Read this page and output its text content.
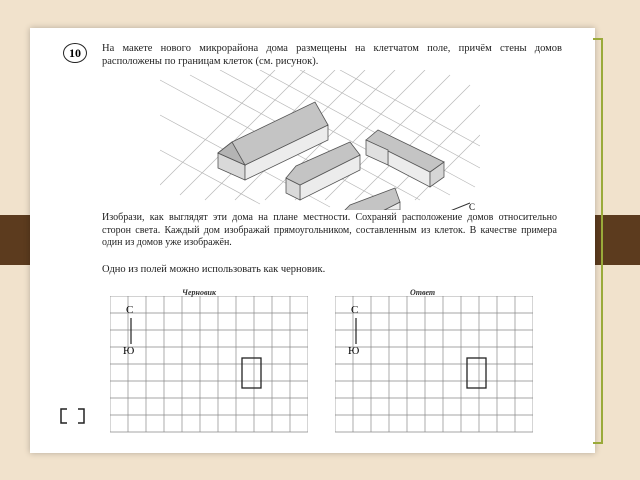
10	На макете нового микрорайона дома размещены на клетчатом поле, причём стены домов расположены по границам клеток (см. рисунок).
С
Изобрази, как выглядят эти дома на плане местности. Сохраняй расположение домов относительно сторон света. Каждый дом изображай прямоугольником, составленным из клеток. В качестве примера один из домов уже изображён.
Одно из полей можно использовать как черновик.
Черновик	Ответ
С
Ю
С
Ю
